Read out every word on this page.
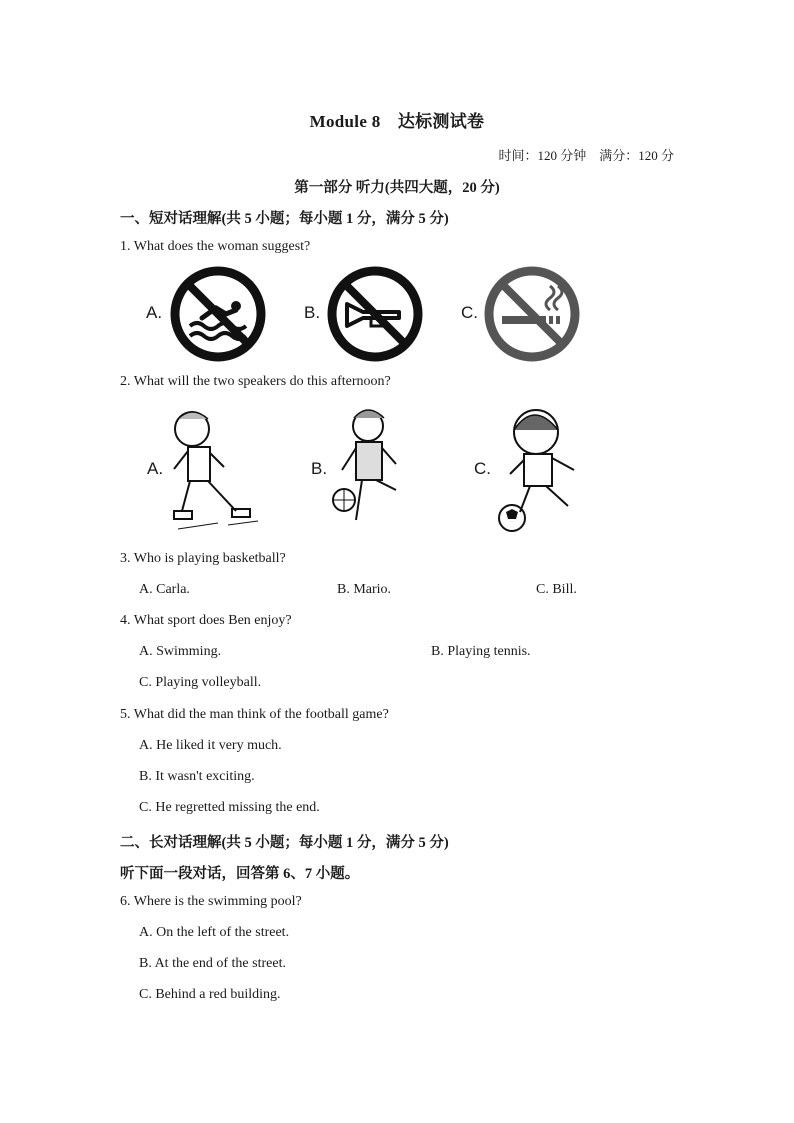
Module 8　达标测试卷
时间：120 分钟　满分：120 分
第一部分 听力(共四大题，20 分)
一、短对话理解(共 5 小题；每小题 1 分，满分 5 分)
1. What does the woman suggest?
A.	B.	C.
2. What will the two speakers do this afternoon?
A.	B.	C.
3. Who is playing basketball?
A. Carla.	B. Mario.	C. Bill.
4. What sport does Ben enjoy?
A. Swimming.	B. Playing tennis.
C. Playing volleyball.
5. What did the man think of the football game?
A. He liked it very much.
B. It wasn't exciting.
C. He regretted missing the end.
二、长对话理解(共 5 小题；每小题 1 分，满分 5 分)
听下面一段对话，回答第 6、7 小题。
6. Where is the swimming pool?
A. On the left of the street.
B. At the end of the street.
C. Behind a red building.
